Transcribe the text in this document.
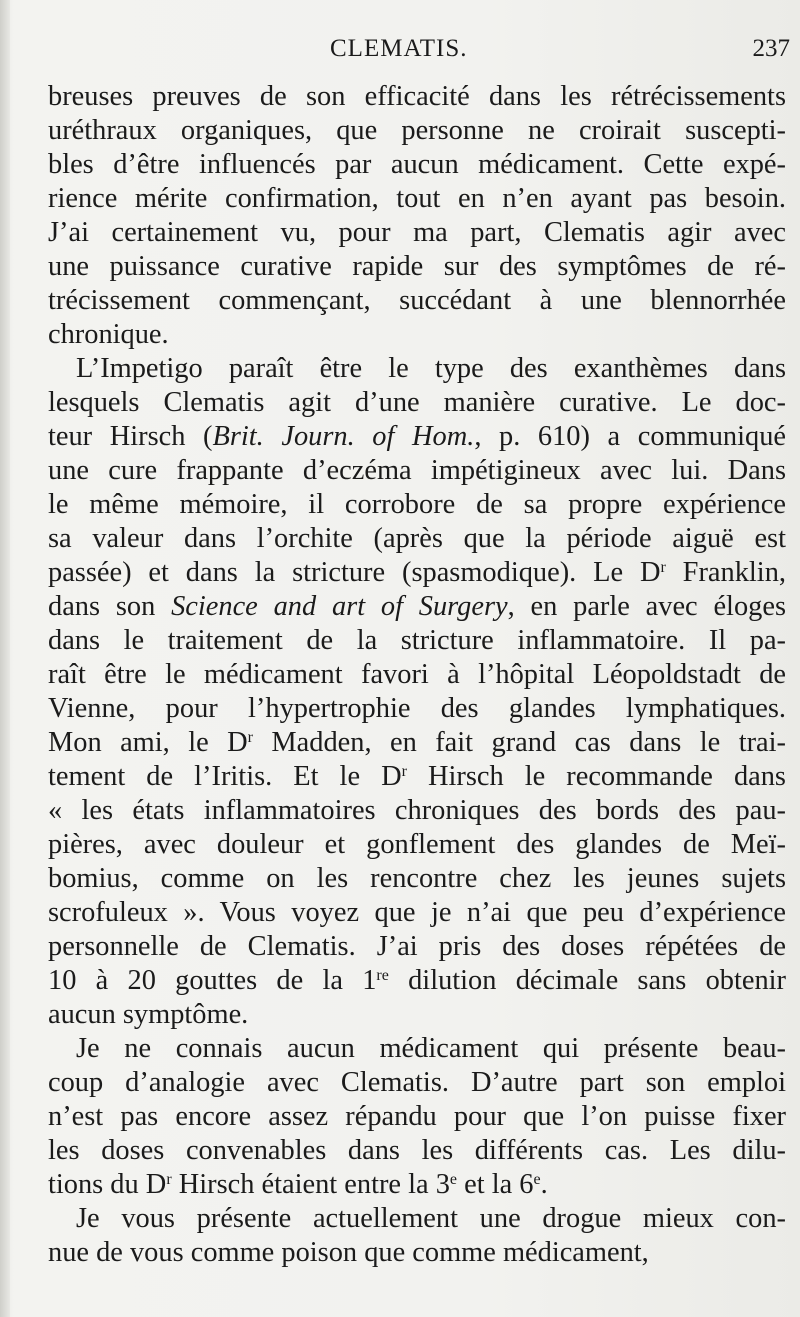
CLEMATIS.	237
breuses preuves de son efficacité dans les rétrécissements
uréthraux organiques, que personne ne croirait suscepti-
bles d’être influencés par aucun médicament. Cette expé-
rience mérite confirmation, tout en n’en ayant pas besoin.
J’ai certainement vu, pour ma part, Clematis agir avec
une puissance curative rapide sur des symptômes de ré-
trécissement commençant, succédant à une blennorrhée
chronique.
L’Impetigo paraît être le type des exanthèmes dans
lesquels Clematis agit d’une manière curative. Le doc-
teur Hirsch (Brit. Journ. of Hom., p. 610) a communiqué
une cure frappante d’eczéma impétigineux avec lui. Dans
le même mémoire, il corrobore de sa propre expérience
sa valeur dans l’orchite (après que la période aiguë est
passée) et dans la stricture (spasmodique). Le $D^r$ Franklin,
dans son Science and art of Surgery, en parle avec éloges
dans le traitement de la stricture inflammatoire. Il pa-
raît être le médicament favori à l’hôpital Léopoldstadt de
Vienne, pour l’hypertrophie des glandes lymphatiques.
Mon ami, le $D^r$ Madden, en fait grand cas dans le trai-
tement de l’Iritis. Et le $D^r$ Hirsch le recommande dans
« les états inflammatoires chroniques des bords des pau-
pières, avec douleur et gonflement des glandes de Meï-
bomius, comme on les rencontre chez les jeunes sujets
scrofuleux ». Vous voyez que je n’ai que peu d’expérience
personnelle de Clematis. J’ai pris des doses répétées de
10 à 20 gouttes de la 1re dilution décimale sans obtenir
aucun symptôme.
Je ne connais aucun médicament qui présente beau-
coup d’analogie avec Clematis. D’autre part son emploi
n’est pas encore assez répandu pour que l’on puisse fixer
les doses convenables dans les différents cas. Les dilu-
tions du $D^r$ Hirsch étaient entre la 3e et la 6e.
Je vous présente actuellement une drogue mieux con-
nue de vous comme poison que comme médicament,
